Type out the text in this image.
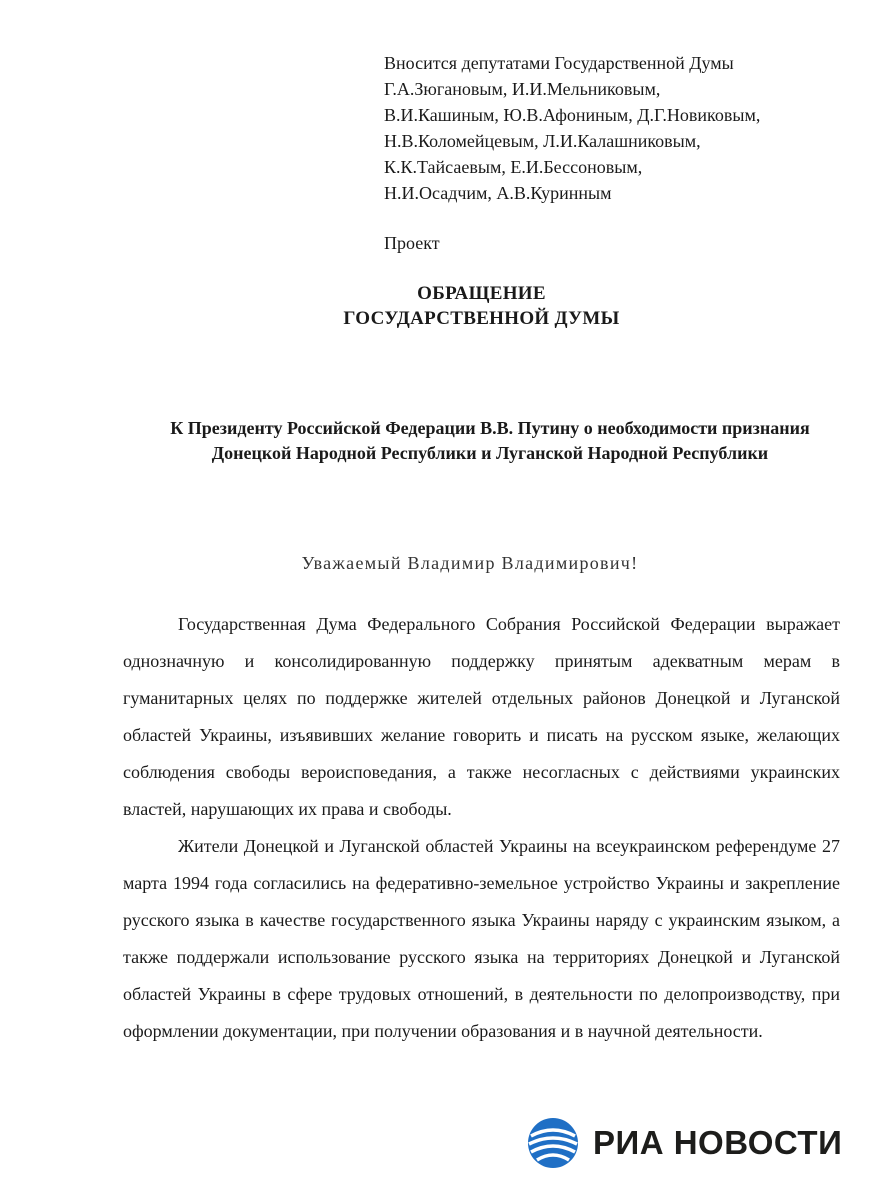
Вносится депутатами Государственной Думы
Г.А.Зюгановым, И.И.Мельниковым,
В.И.Кашиным, Ю.В.Афониным, Д.Г.Новиковым,
Н.В.Коломейцевым, Л.И.Калашниковым,
К.К.Тайсаевым, Е.И.Бессоновым,
Н.И.Осадчим, А.В.Куринным
Проект
ОБРАЩЕНИЕ
ГОСУДАРСТВЕННОЙ ДУМЫ
К Президенту Российской Федерации В.В. Путину о необходимости признания Донецкой Народной Республики и Луганской Народной Республики
Уважаемый Владимир Владимирович!

Государственная Дума Федерального Собрания Российской Федерации выражает однозначную и консолидированную поддержку принятым адекватным мерам в гуманитарных целях по поддержке жителей отдельных районов Донецкой и Луганской областей Украины, изъявивших желание говорить и писать на русском языке, желающих соблюдения свободы вероисповедания, а также несогласных с действиями украинских властей, нарушающих их права и свободы.

Жители Донецкой и Луганской областей Украины на всеукраинском референдуме 27 марта 1994 года согласились на федеративно-земельное устройство Украины и закрепление русского языка в качестве государственного языка Украины наряду с украинским языком, а также поддержали использование русского языка на территориях Донецкой и Луганской областей Украины в сфере трудовых отношений, в деятельности по делопроизводству, при оформлении документации, при получении образования и в научной деятельности.

РИА НОВОСТИ
